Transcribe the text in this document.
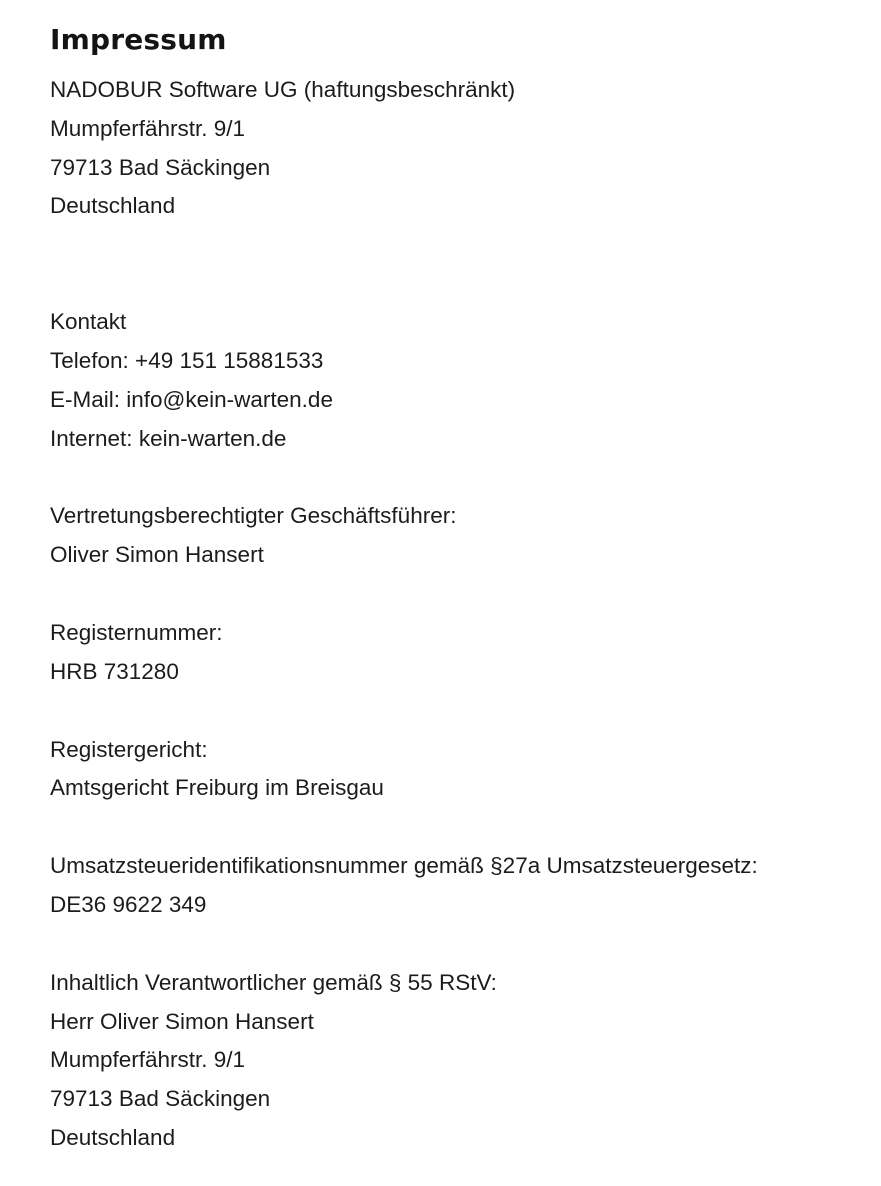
Impressum
NADOBUR Software UG (haftungsbeschränkt)
Mumpferfährstr. 9/1
79713 Bad Säckingen
Deutschland
Kontakt
Telefon: +49 151 15881533
E-Mail: info@kein-warten.de
Internet: kein-warten.de
Vertretungsberechtigter Geschäftsführer:
Oliver Simon Hansert
Registernummer:
HRB 731280
Registergericht:
Amtsgericht Freiburg im Breisgau
Umsatzsteueridentifikationsnummer gemäß §27a Umsatzsteuergesetz:
DE36 9622 349
Inhaltlich Verantwortlicher gemäß § 55 RStV:
Herr Oliver Simon Hansert
Mumpferfährstr. 9/1
79713 Bad Säckingen
Deutschland
